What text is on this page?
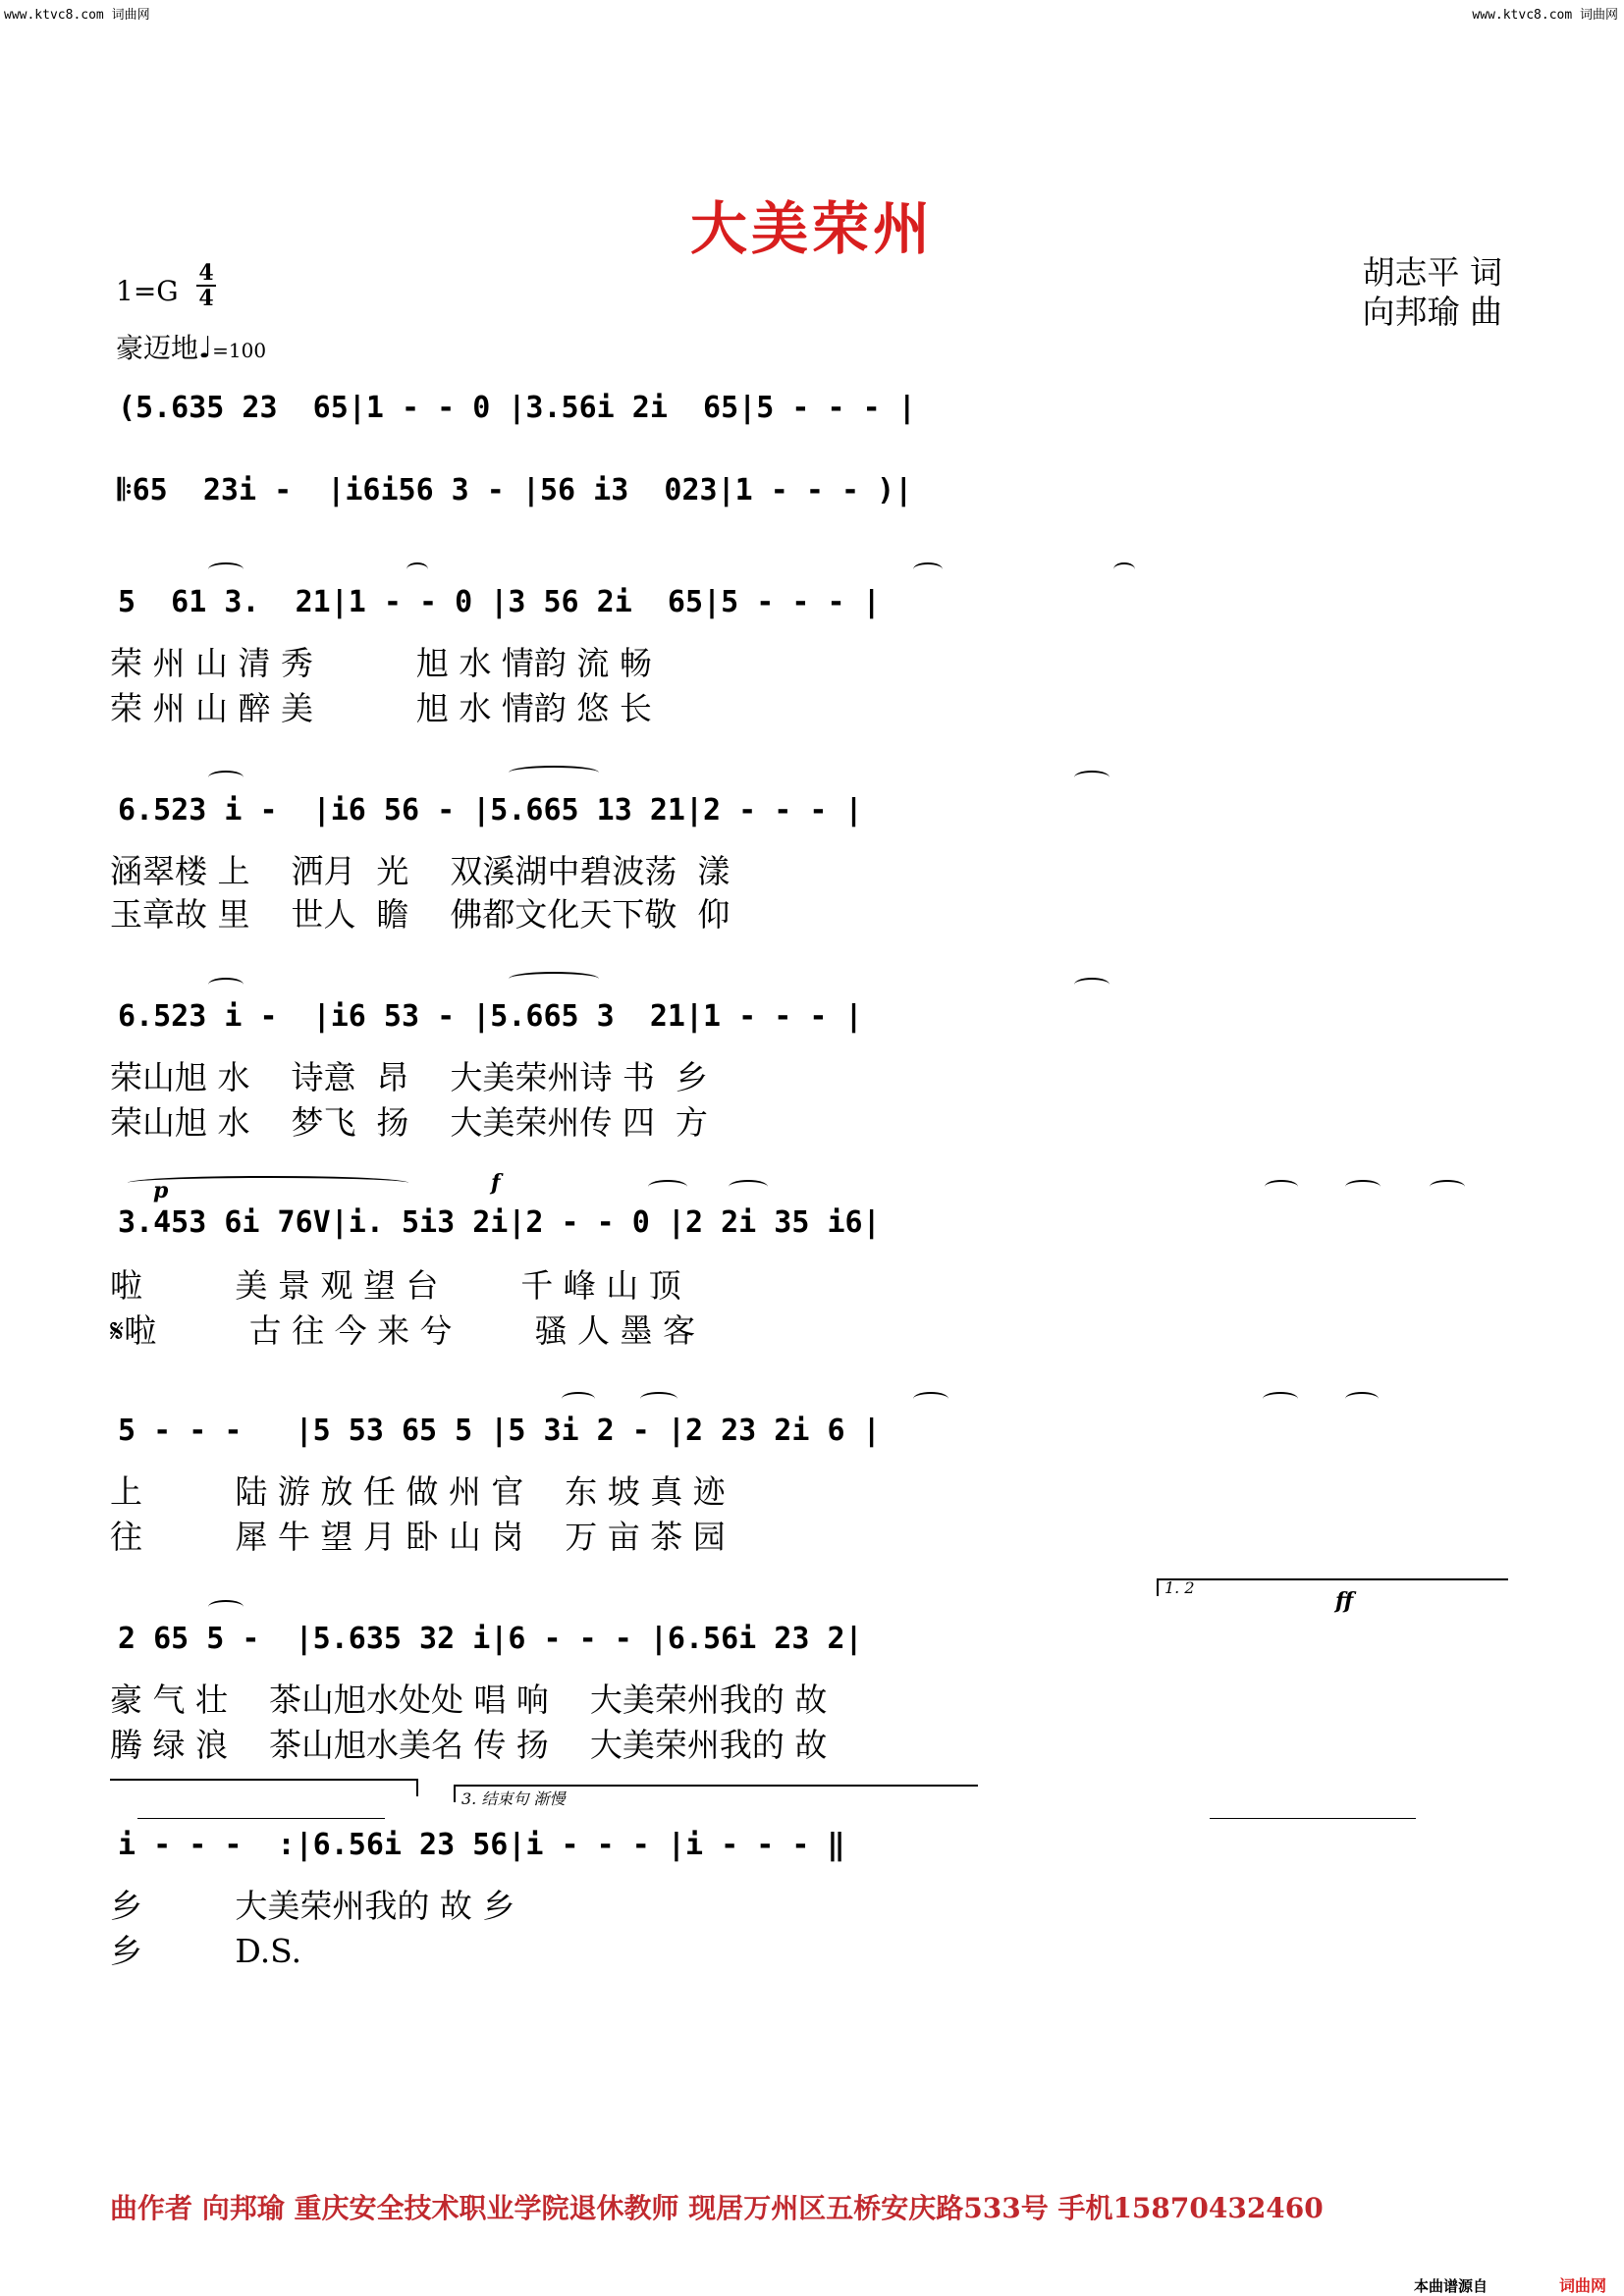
www.ktvc8.com 词曲网	www.ktvc8.com 词曲网
大美荣州
胡志平 词
向邦瑜 曲
$1=G \frac{4}{4}$
豪迈地♩=100
(5.635 23  65|1 - - 0 |3.56i 2i  65|5 - - - |
𝄆65  23i -  |i6i56 3 - |56 i3  023|1 - - - )|
5  61 3.  21|1 - - 0 |3 56 2i  65|5 - - - |
荣 州 山 清 秀          旭 水 情韵 流 畅
荣 州 山 醉 美          旭 水 情韵 悠 长
6.523 i -  |i6 56 - |5.665 13 21|2 - - - |
涵翠楼 上    洒月  光    双溪湖中碧波荡  漾
玉章故 里    世人  瞻    佛都文化天下敬  仰
6.523 i -  |i6 53 - |5.665 3  21|1 - - - |
荣山旭 水    诗意  昂    大美荣州诗 书  乡
荣山旭 水    梦飞  扬    大美荣州传 四  方
p	f
3.453 6i 76V|i. 5i3 2i|2 - - 0 |2 2i 35 i6|
啦         美 景 观 望 台        千 峰 山 顶
𝄋啦         古 往 今 来 兮        骚 人 墨 客
5 - - -   |5 53 65 5 |5 3i 2 - |2 23 2i 6 |
上         陆 游 放 任 做 州 官    东 坡 真 迹
往         犀 牛 望 月 卧 山 岗    万 亩 茶 园
1. 2
ff
2 65 5 -  |5.635 32 i|6 - - - |6.56i 23 2|
豪 气 壮    茶山旭水处处 唱 响    大美荣州我的 故
腾 绿 浪    茶山旭水美名 传 扬    大美荣州我的 故
3. 结束句 渐慢
i - - -  :|6.56i 23 56|i - - - |i - - - ‖
乡         大美荣州我的 故 乡
乡         D.S.
曲作者 向邦瑜 重庆安全技术职业学院退休教师 现居万州区五桥安庆路533号 手机15870432460
本曲谱源自	词曲网
